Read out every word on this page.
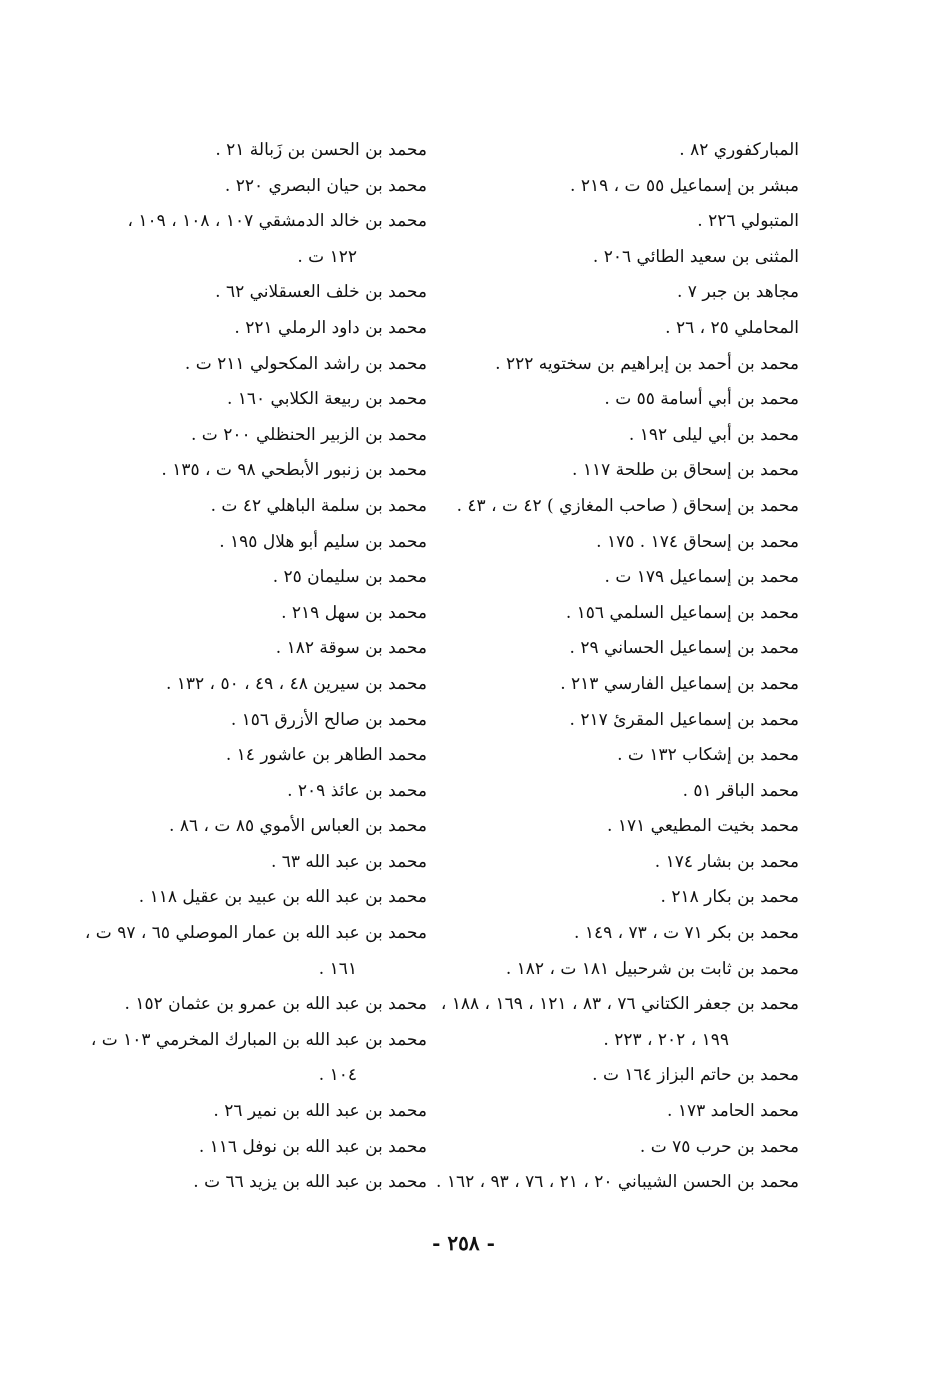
المباركفوري ٨٢ .
مبشر بن إسماعيل ٥٥ ت ، ٢١٩ .
المتبولي ٢٢٦ .
المثنى بن سعيد الطائي ٢٠٦ .
مجاهد بن جبر ٧ .
المحاملي ٢٥ ، ٢٦ .
محمد بن أحمد بن إبراهيم بن سختويه ٢٢٢ .
محمد بن أبي أسامة ٥٥ ت .
محمد بن أبي ليلى ١٩٢ .
محمد بن إسحاق بن طلحة ١١٧ .
محمد بن إسحاق ( صاحب المغازي ) ٤٢ ت ، ٤٣ .
محمد بن إسحاق ١٧٤ . ١٧٥ .
محمد بن إسماعيل ١٧٩ ت .
محمد بن إسماعيل السلمي ١٥٦ .
محمد بن إسماعيل الحساني ٢٩ .
محمد بن إسماعيل الفارسي ٢١٣ .
محمد بن إسماعيل المقرئ ٢١٧ .
محمد بن إشكاب ١٣٢ ت .
محمد الباقر ٥١ .
محمد بخيت المطيعي ١٧١ .
محمد بن بشار ١٧٤ .
محمد بن بكار ٢١٨ .
محمد بن بكر ٧١ ت ، ٧٣ ، ١٤٩ .
محمد بن ثابت بن شرحبيل ١٨١ ت ، ١٨٢ .
محمد بن جعفر الكتاني ٧٦ ، ٨٣ ، ١٢١ ، ١٦٩ ، ١٨٨ ،
١٩٩ ، ٢٠٢ ، ٢٢٣ .
محمد بن حاتم البزاز ١٦٤ ت .
محمد الحامد ١٧٣ .
محمد بن حرب ٧٥ ت .
محمد بن الحسن الشيباني ٢٠ ، ٢١ ، ٧٦ ، ٩٣ ، ١٦٢ .
محمد بن الحسن بن زَبالة ٢١ .
محمد بن حيان البصري ٢٢٠ .
محمد بن خالد الدمشقي ١٠٧ ، ١٠٨ ، ١٠٩ ،
١٢٢ ت .
محمد بن خلف العسقلاني ٦٢ .
محمد بن داود الرملي ٢٢١ .
محمد بن راشد المكحولي ٢١١ ت .
محمد بن ربيعة الكلابي ١٦٠ .
محمد بن الزبير الحنظلي ٢٠٠ ت .
محمد بن زنبور الأبطحي ٩٨ ت ، ١٣٥ .
محمد بن سلمة الباهلي ٤٢ ت .
محمد بن سليم أبو هلال ١٩٥ .
محمد بن سليمان ٢٥ .
محمد بن سهل ٢١٩ .
محمد بن سوقة ١٨٢ .
محمد بن سيرين ٤٨ ، ٤٩ ، ٥٠ ، ١٣٢ .
محمد بن صالح الأزرق ١٥٦ .
محمد الطاهر بن عاشور ١٤ .
محمد بن عائذ ٢٠٩ .
محمد بن العباس الأموي ٨٥ ت ، ٨٦ .
محمد بن عبد الله ٦٣ .
محمد بن عبد الله بن عبيد بن عقيل ١١٨ .
محمد بن عبد الله بن عمار الموصلي ٦٥ ، ٩٧ ت ،
١٦١ .
محمد بن عبد الله بن عمرو بن عثمان ١٥٢ .
محمد بن عبد الله بن المبارك المخرمي ١٠٣ ت ،
١٠٤ .
محمد بن عبد الله بن نمير ٢٦ .
محمد بن عبد الله بن نوفل ١١٦ .
محمد بن عبد الله بن يزيد ٦٦ ت .
- ٢٥٨ -
